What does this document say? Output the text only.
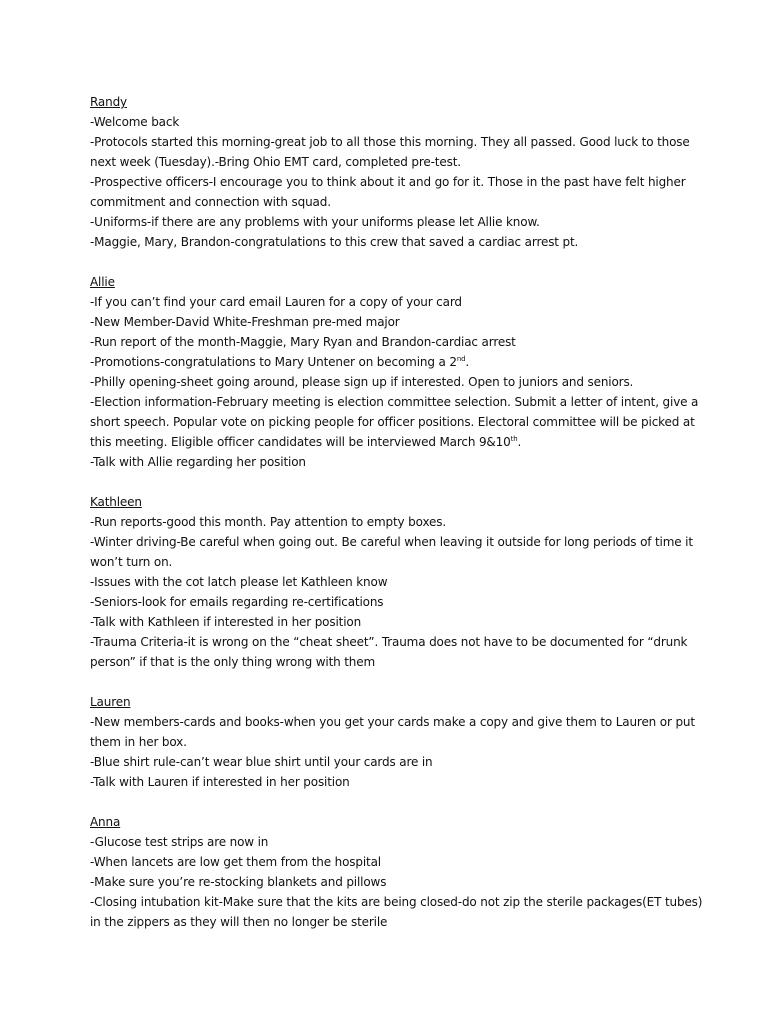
Randy
-Welcome back
-Protocols started this morning-great job to all those this morning. They all passed. Good luck to those
next week (Tuesday).-Bring Ohio EMT card, completed pre-test.
-Prospective officers-I encourage you to think about it and go for it. Those in the past have felt higher
commitment and connection with squad.
-Uniforms-if there are any problems with your uniforms please let Allie know.
-Maggie, Mary, Brandon-congratulations to this crew that saved a cardiac arrest pt.
Allie
-If you can’t find your card email Lauren for a copy of your card
-New Member-David White-Freshman pre-med major
-Run report of the month-Maggie, Mary Ryan and Brandon-cardiac arrest
-Promotions-congratulations to Mary Untener on becoming a 2nd.
-Philly opening-sheet going around, please sign up if interested. Open to juniors and seniors.
-Election information-February meeting is election committee selection. Submit a letter of intent, give a
short speech. Popular vote on picking people for officer positions. Electoral committee will be picked at
this meeting. Eligible officer candidates will be interviewed March 9&10th.
-Talk with Allie regarding her position
Kathleen
-Run reports-good this month. Pay attention to empty boxes.
-Winter driving-Be careful when going out. Be careful when leaving it outside for long periods of time it
won’t turn on.
-Issues with the cot latch please let Kathleen know
-Seniors-look for emails regarding re-certifications
-Talk with Kathleen if interested in her position
-Trauma Criteria-it is wrong on the “cheat sheet”. Trauma does not have to be documented for “drunk
person” if that is the only thing wrong with them
Lauren
-New members-cards and books-when you get your cards make a copy and give them to Lauren or put
them in her box.
-Blue shirt rule-can’t wear blue shirt until your cards are in
-Talk with Lauren if interested in her position
Anna
-Glucose test strips are now in
-When lancets are low get them from the hospital
-Make sure you’re re-stocking blankets and pillows
-Closing intubation kit-Make sure that the kits are being closed-do not zip the sterile packages(ET tubes)
in the zippers as they will then no longer be sterile
